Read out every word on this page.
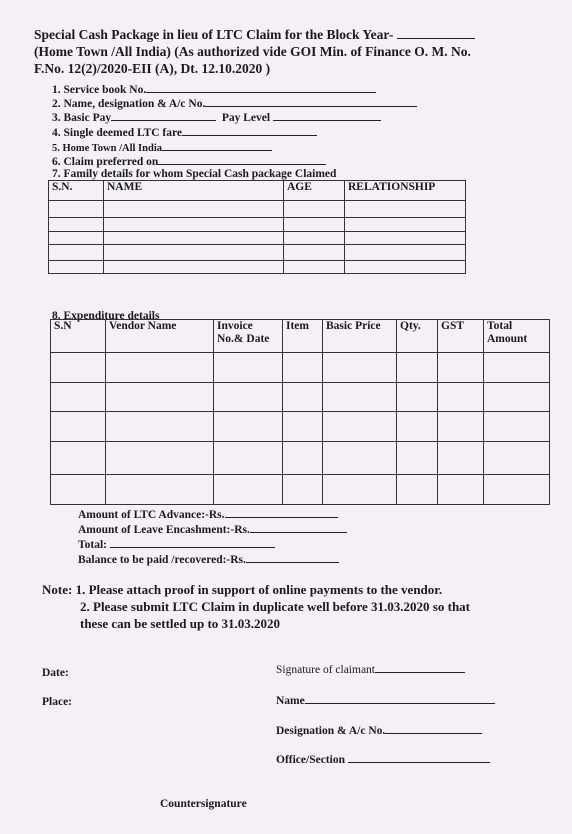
Special Cash Package in lieu of LTC Claim for the Block Year-
(Home Town /All India) (As authorized vide GOI Min. of Finance O. M. No.
F.No. 12(2)/2020-EII (A), Dt. 12.10.2020 )
1. Service book No.
2. Name, designation & A/c No.
3. Basic Pay	Pay Level
4. Single deemed LTC fare
5. Home Town /All India
6. Claim preferred on
7. Family details for whom Special Cash package Claimed
S.N.	NAME	AGE	RELATIONSHIP

8. Expenditure details
S.N	Vendor Name	Invoice No.& Date	Item	Basic Price	Qty.	GST	Total Amount

Amount of LTC Advance:-Rs.
Amount of Leave Encashment:-Rs.
Total:
Balance to be paid /recovered:-Rs.
Note: 1. Please attach proof in support of online payments to the vendor.
2. Please submit LTC Claim in duplicate well before 31.03.2020 so that
these can be settled up to 31.03.2020
Date:
Place:
Signature of claimant
Name
Designation & A/c No.
Office/Section
Countersignature
